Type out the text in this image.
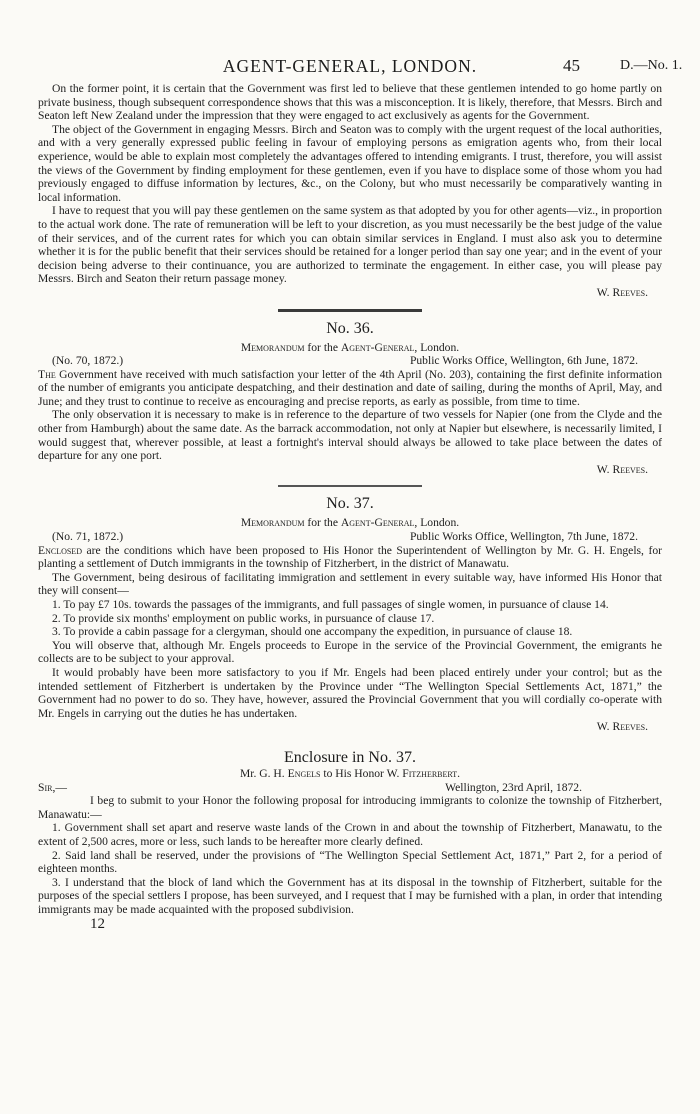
AGENT-GENERAL, LONDON.	45	D.—No. 1.

On the former point, it is certain that the Government was first led to believe that these gentlemen intended to go home partly on private business, though subsequent correspondence shows that this was a misconception. It is likely, therefore, that Messrs. Birch and Seaton left New Zealand under the impression that they were engaged to act exclusively as agents for the Government.

The object of the Government in engaging Messrs. Birch and Seaton was to comply with the urgent request of the local authorities, and with a very generally expressed public feeling in favour of employing persons as emigration agents who, from their local experience, would be able to explain most completely the advantages offered to intending emigrants. I trust, therefore, you will assist the views of the Government by finding employment for these gentlemen, even if you have to displace some of those whom you had previously engaged to diffuse information by lectures, &c., on the Colony, but who must necessarily be comparatively wanting in local information.

I have to request that you will pay these gentlemen on the same system as that adopted by you for other agents—viz., in proportion to the actual work done. The rate of remuneration will be left to your discretion, as you must necessarily be the best judge of the value of their services, and of the current rates for which you can obtain similar services in England. I must also ask you to determine whether it is for the public benefit that their services should be retained for a longer period than say one year; and in the event of your decision being adverse to their continuance, you are authorized to terminate the engagement. In either case, you will please pay Messrs. Birch and Seaton their return passage money.

W. Reeves.

No. 36.

Memorandum for the Agent-General, London.

(No. 70, 1872.)	Public Works Office, Wellington, 6th June, 1872.

The Government have received with much satisfaction your letter of the 4th April (No. 203), containing the first definite information of the number of emigrants you anticipate despatching, and their destination and date of sailing, during the months of April, May, and June; and they trust to continue to receive as encouraging and precise reports, as early as possible, from time to time.

The only observation it is necessary to make is in reference to the departure of two vessels for Napier (one from the Clyde and the other from Hamburgh) about the same date. As the barrack accommodation, not only at Napier but elsewhere, is necessarily limited, I would suggest that, wherever possible, at least a fortnight's interval should always be allowed to take place between the dates of departure for any one port.

W. Reeves.

No. 37.

Memorandum for the Agent-General, London.

(No. 71, 1872.)	Public Works Office, Wellington, 7th June, 1872.

Enclosed are the conditions which have been proposed to His Honor the Superintendent of Wellington by Mr. G. H. Engels, for planting a settlement of Dutch immigrants in the township of Fitzherbert, in the district of Manawatu.

The Government, being desirous of facilitating immigration and settlement in every suitable way, have informed His Honor that they will consent—

1. To pay £7 10s. towards the passages of the immigrants, and full passages of single women, in pursuance of clause 14.

2. To provide six months' employment on public works, in pursuance of clause 17.

3. To provide a cabin passage for a clergyman, should one accompany the expedition, in pursuance of clause 18.

You will observe that, although Mr. Engels proceeds to Europe in the service of the Provincial Government, the emigrants he collects are to be subject to your approval.

It would probably have been more satisfactory to you if Mr. Engels had been placed entirely under your control; but as the intended settlement of Fitzherbert is undertaken by the Province under “The Wellington Special Settlements Act, 1871,” the Government had no power to do so. They have, however, assured the Provincial Government that you will cordially co-operate with Mr. Engels in carrying out the duties he has undertaken.

W. Reeves.

Enclosure in No. 37.

Mr. G. H. Engels to His Honor W. Fitzherbert.

Sir,—	Wellington, 23rd April, 1872.

I beg to submit to your Honor the following proposal for introducing immigrants to colonize the township of Fitzherbert, Manawatu:—

1. Government shall set apart and reserve waste lands of the Crown in and about the township of Fitzherbert, Manawatu, to the extent of 2,500 acres, more or less, such lands to be hereafter more clearly defined.

2. Said land shall be reserved, under the provisions of “The Wellington Special Settlement Act, 1871,” Part 2, for a period of eighteen months.

3. I understand that the block of land which the Government has at its disposal in the township of Fitzherbert, suitable for the purposes of the special settlers I propose, has been surveyed, and I request that I may be furnished with a plan, in order that intending immigrants may be made acquainted with the proposed subdivision.

12
